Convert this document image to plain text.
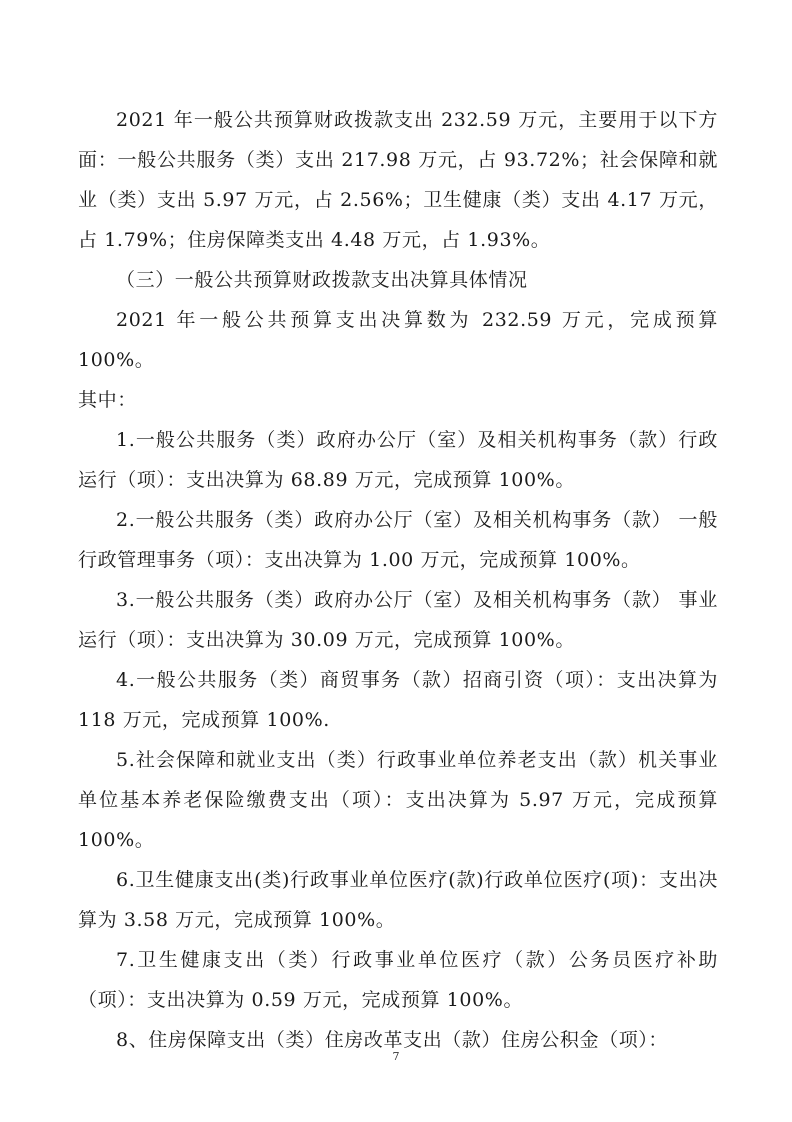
2021 年一般公共预算财政拨款支出 232.59 万元，主要用于以下方面：一般公共服务（类）支出 217.98 万元，占 93.72%；社会保障和就业（类）支出 5.97 万元，占 2.56%；卫生健康（类）支出 4.17 万元，占 1.79%；住房保障类支出 4.48 万元，占 1.93%。

（三）一般公共预算财政拨款支出决算具体情况

2021 年一般公共预算支出决算数为 232.59 万元，完成预算 100%。

其中：

1.一般公共服务（类）政府办公厅（室）及相关机构事务（款）行政运行（项）：支出决算为 68.89 万元，完成预算 100%。

2.一般公共服务（类）政府办公厅（室）及相关机构事务（款） 一般行政管理事务（项）：支出决算为 1.00 万元，完成预算 100%。

3.一般公共服务（类）政府办公厅（室）及相关机构事务（款） 事业运行（项）：支出决算为 30.09 万元，完成预算 100%。

4.一般公共服务（类）商贸事务（款）招商引资（项）：支出决算为 118 万元，完成预算 100%.

5.社会保障和就业支出（类）行政事业单位养老支出（款）机关事业单位基本养老保险缴费支出（项）：支出决算为 5.97 万元，完成预算 100%。

6.卫生健康支出(类)行政事业单位医疗(款)行政单位医疗(项)：支出决算为 3.58 万元，完成预算 100%。

7.卫生健康支出（类）行政事业单位医疗（款）公务员医疗补助（项）：支出决算为 0.59 万元，完成预算 100%。

8、住房保障支出（类）住房改革支出（款）住房公积金（项）：

7
